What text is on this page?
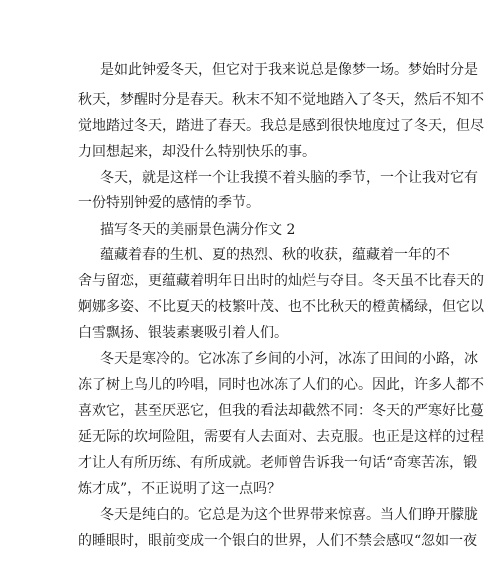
是如此钟爱冬天，但它对于我来说总是像梦一场。梦始时分是
秋天，梦醒时分是春天。秋末不知不觉地踏入了冬天，然后不知不
觉地踏过冬天，踏进了春天。我总是感到很快地度过了冬天，但尽
力回想起来，却没什么特别快乐的事。
冬天，就是这样一个让我摸不着头脑的季节，一个让我对它有
一份特别钟爱的感情的季节。
描写冬天的美丽景色满分作文 2
蕴藏着春的生机、夏的热烈、秋的收获，蕴藏着一年的不
舍与留恋，更蕴藏着明年日出时的灿烂与夺目。冬天虽不比春天的
婀娜多姿、不比夏天的枝繁叶茂、也不比秋天的橙黄橘绿，但它以
白雪飘扬、银装素裹吸引着人们。
冬天是寒冷的。它冰冻了乡间的小河，冰冻了田间的小路，冰
冻了树上鸟儿的吟唱，同时也冰冻了人们的心。因此，许多人都不
喜欢它，甚至厌恶它，但我的看法却截然不同：冬天的严寒好比蔓
延无际的坎坷险阻，需要有人去面对、去克服。也正是这样的过程
才让人有所历练、有所成就。老师曾告诉我一句话“奇寒苦冻，锻
炼才成”，不正说明了这一点吗？
冬天是纯白的。它总是为这个世界带来惊喜。当人们睁开朦胧
的睡眼时，眼前变成一个银白的世界，人们不禁会感叹“忽如一夜
